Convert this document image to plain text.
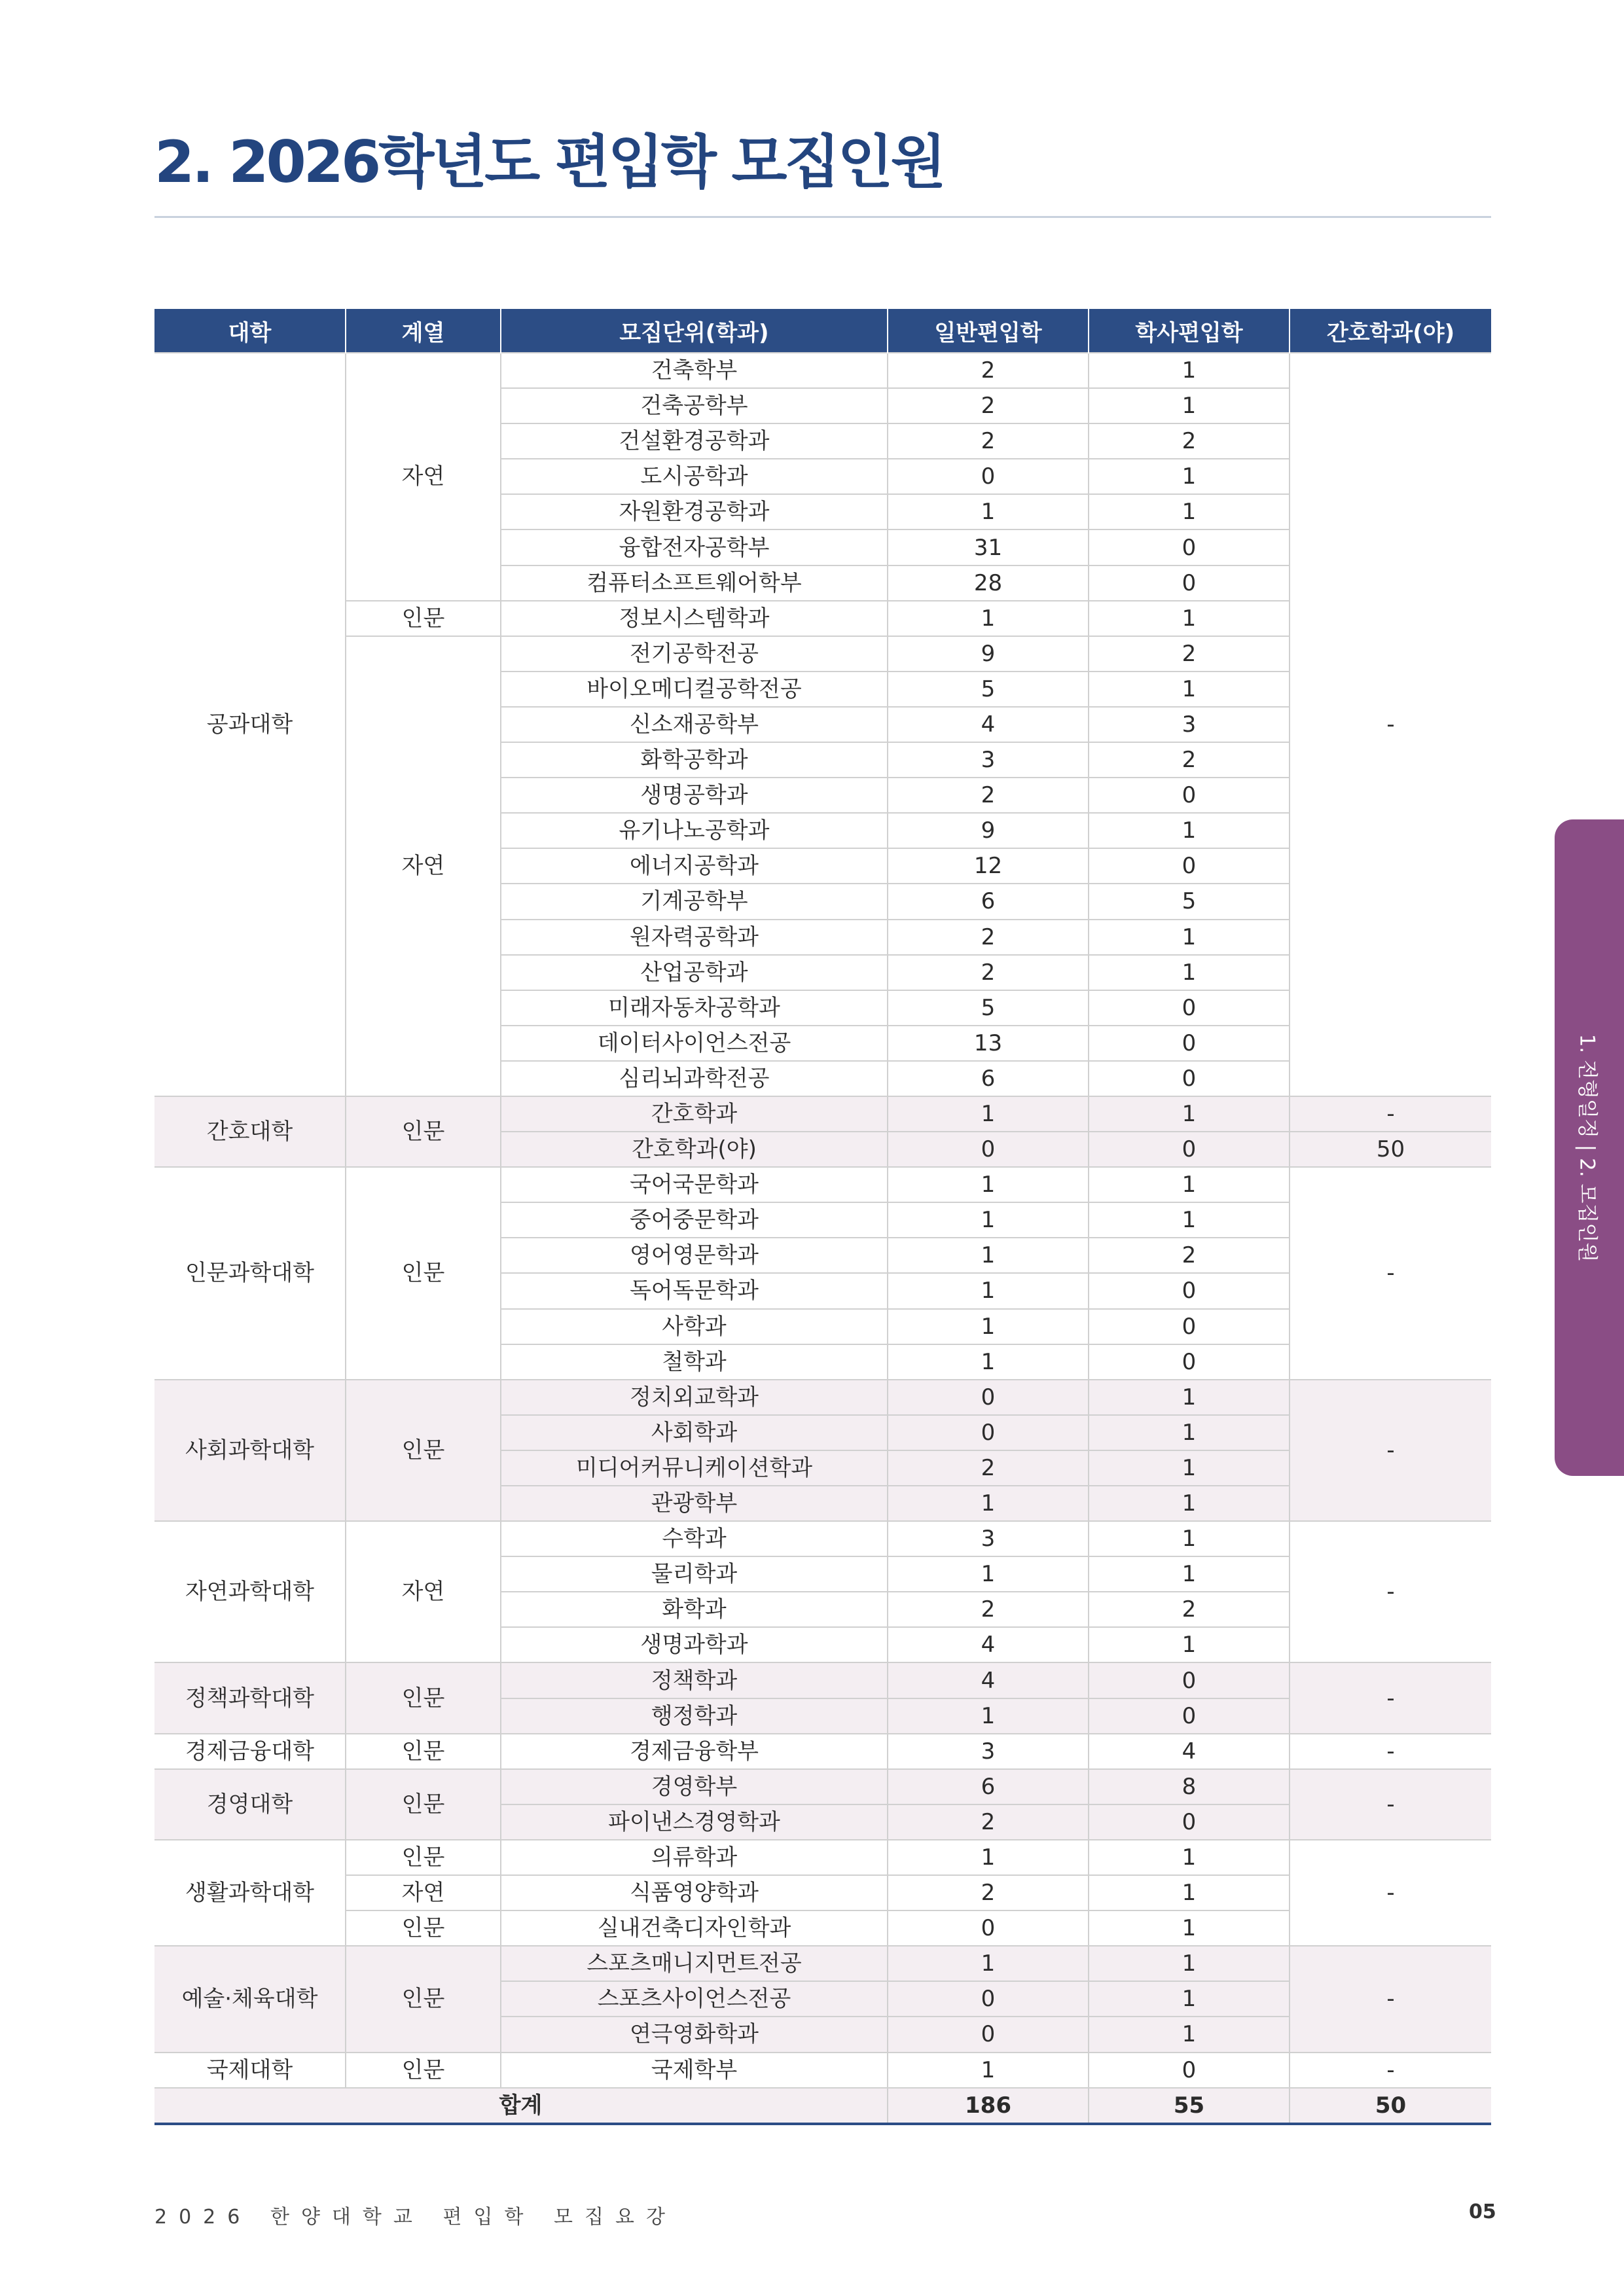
2. 2026학년도 편입학 모집인원
1. 전형일정 | 2. 모집인원
대학	계열	모집단위(학과)	일반편입학	학사편입학	간호학과(야)
공과대학	자연	건축학부	2	1	-
		건축공학부	2	1	
		건설환경공학과	2	2	
		도시공학과	0	1	
		자원환경공학과	1	1	
		융합전자공학부	31	0	
		컴퓨터소프트웨어학부	28	0	
	인문	정보시스템학과	1	1	
	자연	전기공학전공	9	2	
		바이오메디컬공학전공	5	1	
		신소재공학부	4	3	
		화학공학과	3	2	
		생명공학과	2	0	
		유기나노공학과	9	1	
		에너지공학과	12	0	
		기계공학부	6	5	
		원자력공학과	2	1	
		산업공학과	2	1	
		미래자동차공학과	5	0	
		데이터사이언스전공	13	0	
		심리뇌과학전공	6	0	
간호대학	인문	간호학과	1	1	-
		간호학과(야)	0	0	50
인문과학대학	인문	국어국문학과	1	1	-
		중어중문학과	1	1	
		영어영문학과	1	2	
		독어독문학과	1	0	
		사학과	1	0	
		철학과	1	0	
사회과학대학	인문	정치외교학과	0	1	-
		사회학과	0	1	
		미디어커뮤니케이션학과	2	1	
		관광학부	1	1	
자연과학대학	자연	수학과	3	1	-
		물리학과	1	1	
		화학과	2	2	
		생명과학과	4	1	
정책과학대학	인문	정책학과	4	0	-
		행정학과	1	0	
경제금융대학	인문	경제금융학부	3	4	-
경영대학	인문	경영학부	6	8	-
		파이낸스경영학과	2	0	
생활과학대학	인문	의류학과	1	1	-
	자연	식품영양학과	2	1	
	인문	실내건축디자인학과	0	1	
예술·체육대학	인문	스포츠매니지먼트전공	1	1	-
		스포츠사이언스전공	0	1	
		연극영화학과	0	1	
국제대학	인문	국제학부	1	0	-
합계			186	55	50
2026 한양대학교 편입학 모집요강	05
